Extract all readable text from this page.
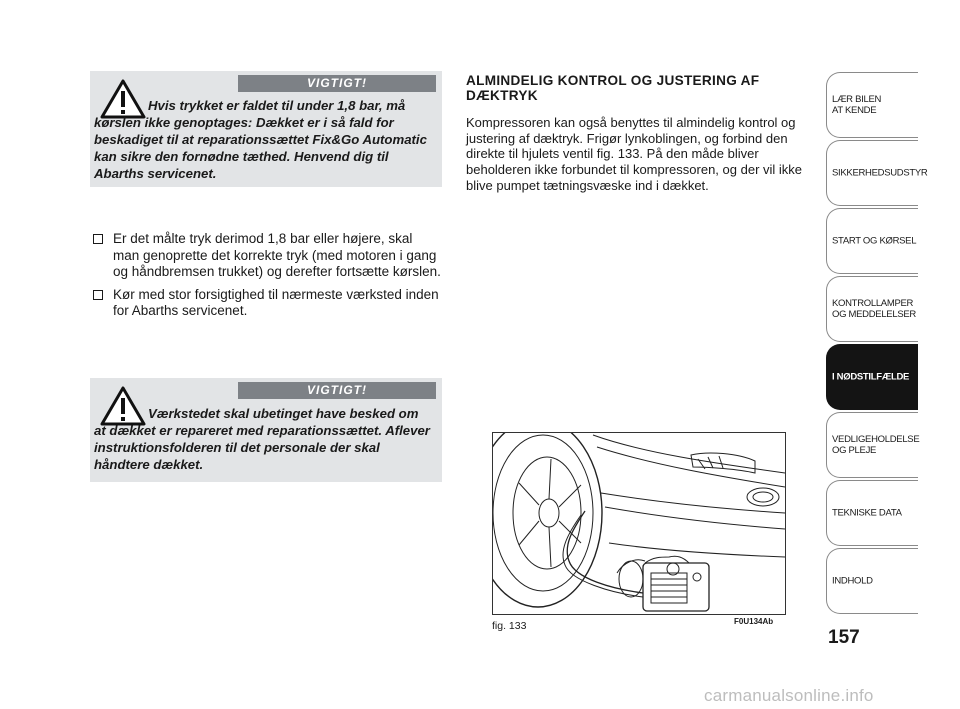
VIGTIGT!

Hvis trykket er faldet til under 1,8 bar, må kørslen ikke genoptages: Dækket er i så fald for beskadiget til at reparationssættet Fix&Go Automatic kan sikre den fornødne tæthed. Henvend dig til Abarths servicenet.

Er det målte tryk derimod 1,8 bar eller højere, skal man genoprette det korrekte tryk (med motoren i gang og håndbremsen trukket) og derefter fortsætte kørslen.
Kør med stor forsigtighed til nærmeste værksted inden for Abarths servicenet.
VIGTIGT!

Værkstedet skal ubetinget have besked om at dækket er repareret med reparationssættet. Aflever instruktionsfolderen til det personale der skal håndtere dækket.

ALMINDELIG KONTROL OG JUSTERING AF DÆKTRYK

Kompressoren kan også benyttes til almindelig kontrol og justering af dæktryk. Frigør lynkoblingen, og forbind den direkte til hjulets ventil fig. 133. På den måde bliver beholderen ikke forbundet til kompressoren, og der vil ikke blive pumpet tætningsvæske ind i dækket.

fig. 133	F0U134Ab
LÆR BILEN
AT KENDE
SIKKERHEDSUDSTYR
START OG KØRSEL
KONTROLLAMPER
OG MEDDELELSER
I NØDSTILFÆLDE
VEDLIGEHOLDELSE
OG PLEJE
TEKNISKE DATA
INDHOLD
157
carmanualsonline.info
